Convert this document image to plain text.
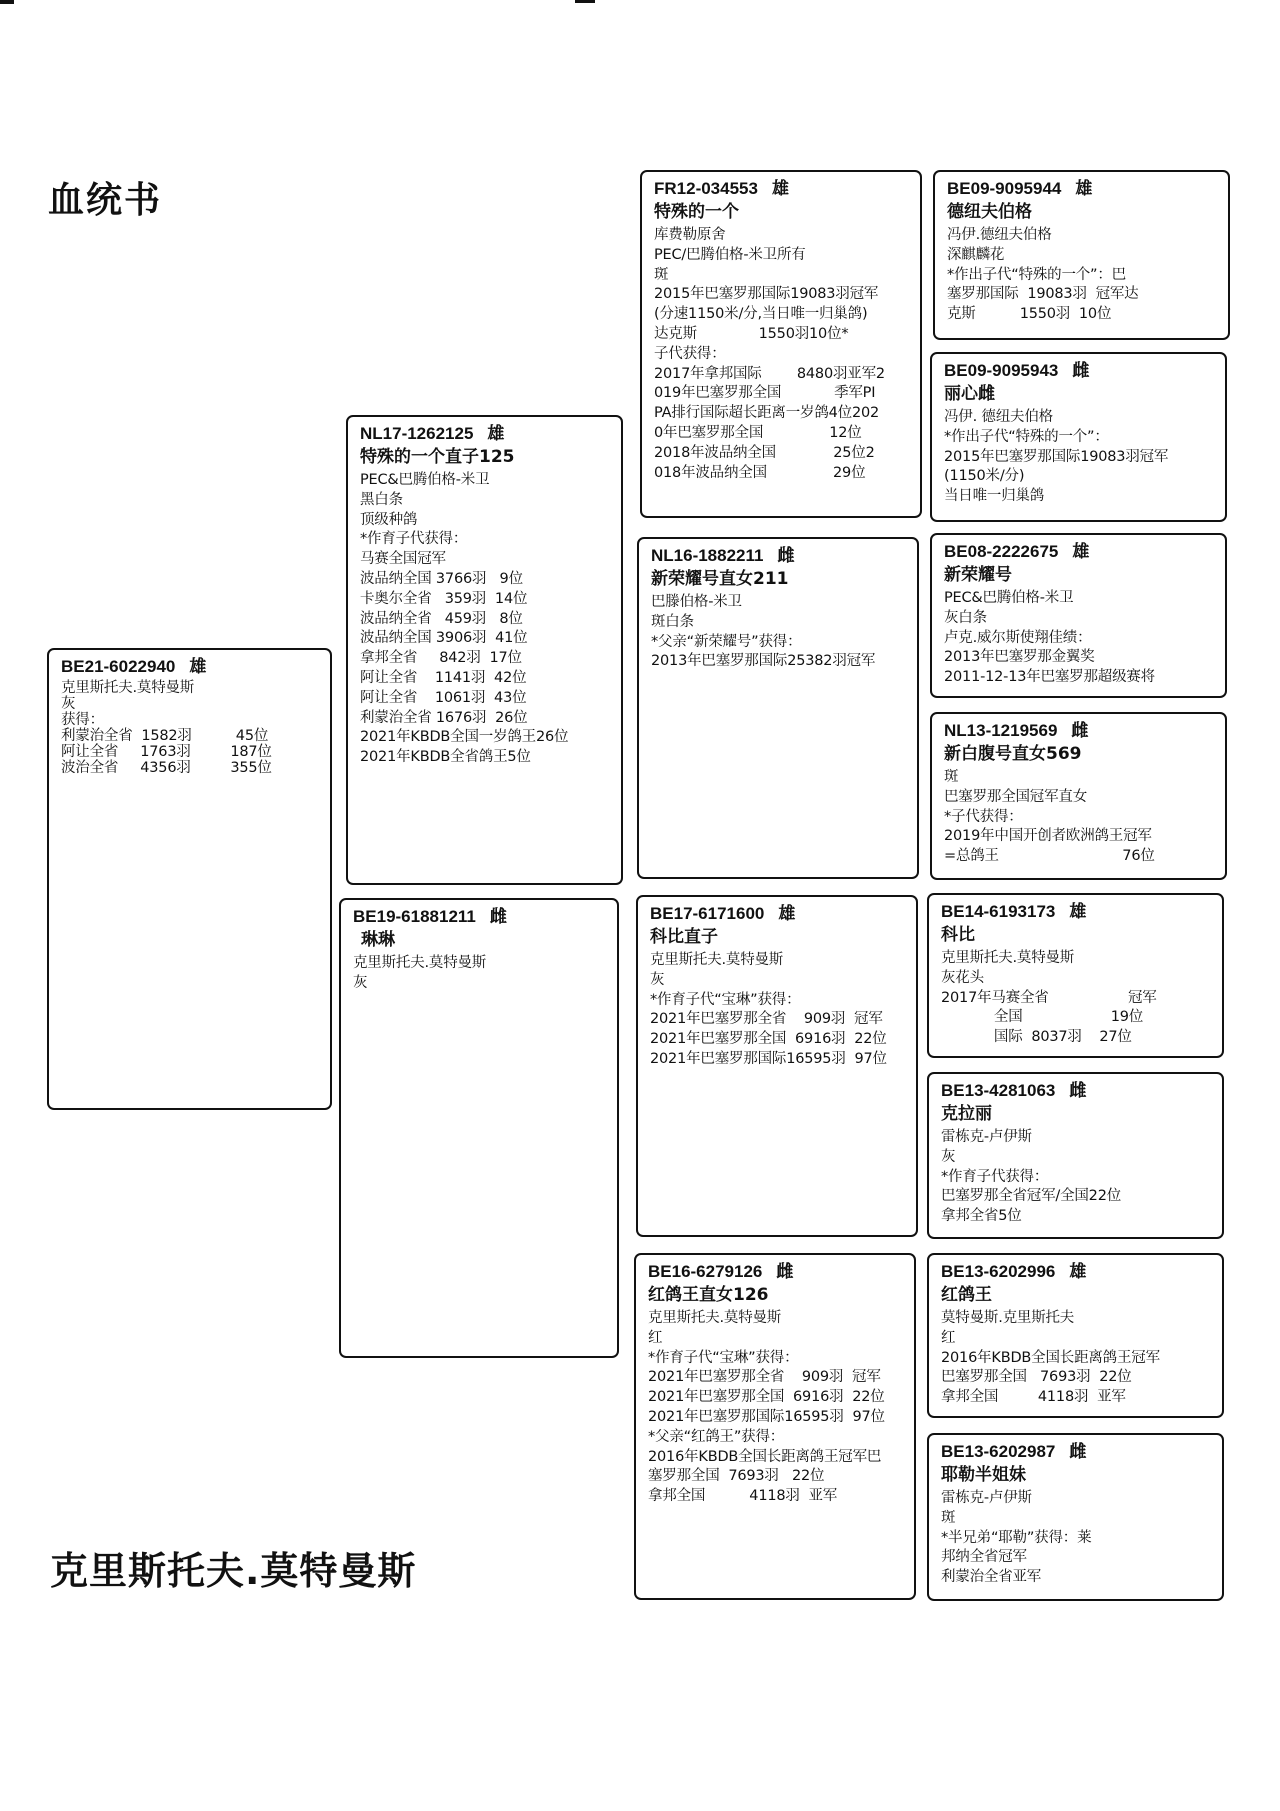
血统书
克里斯托夫.莫特曼斯
BE21-6022940 雄
克里斯托夫.莫特曼斯
灰
获得：
利蒙治全省  1582羽          45位
阿让全省     1763羽         187位
波治全省     4356羽         355位
NL17-1262125 雄
特殊的一个直子125
PEC&巴腾伯格-米卫
黑白条
顶级种鸽
*作育子代获得：
马赛全国冠军
波品纳全国 3766羽   9位
卡奥尔全省   359羽  14位
波品纳全省   459羽   8位
波品纳全国 3906羽  41位
拿邦全省     842羽  17位
阿让全省    1141羽  42位
阿让全省    1061羽  43位
利蒙治全省 1676羽  26位
2021年KBDB全国一岁鸽王26位
2021年KBDB全省鸽王5位
BE19-61881211 雌
琳琳
克里斯托夫.莫特曼斯
灰
FR12-034553 雄
特殊的一个
库费勒原舍
PEC/巴腾伯格-米卫所有
斑
2015年巴塞罗那国际19083羽冠军
(分速1150米/分,当日唯一归巢鸽)
达克斯              1550羽10位*
子代获得：
2017年拿邦国际        8480羽亚军2
019年巴塞罗那全国            季军PI
PA排行国际超长距离一岁鸽4位202
0年巴塞罗那全国               12位
2018年波品纳全国             25位2
018年波品纳全国               29位
NL16-1882211 雌
新荣耀号直女211
巴滕伯格-米卫
斑白条
*父亲“新荣耀号”获得：
2013年巴塞罗那国际25382羽冠军
BE17-6171600 雄
科比直子
克里斯托夫.莫特曼斯
灰
*作育子代“宝琳”获得：
2021年巴塞罗那全省    909羽  冠军
2021年巴塞罗那全国  6916羽  22位
2021年巴塞罗那国际16595羽  97位
BE16-6279126 雌
红鸽王直女126
克里斯托夫.莫特曼斯
红
*作育子代“宝琳”获得：
2021年巴塞罗那全省    909羽  冠军
2021年巴塞罗那全国  6916羽  22位
2021年巴塞罗那国际16595羽  97位
*父亲“红鸽王”获得：
2016年KBDB全国长距离鸽王冠军巴
塞罗那全国  7693羽   22位
拿邦全国          4118羽  亚军
BE09-9095944 雄
德纽夫伯格
冯伊.德纽夫伯格
深麒麟花
*作出子代“特殊的一个”：巴
塞罗那国际  19083羽  冠军达
克斯          1550羽  10位
BE09-9095943 雌
丽心雌
冯伊. 德纽夫伯格
*作出子代“特殊的一个”：
2015年巴塞罗那国际19083羽冠军
(1150米/分)
当日唯一归巢鸽
BE08-2222675 雄
新荣耀号
PEC&巴腾伯格-米卫
灰白条
卢克.威尔斯使翔佳绩：
2013年巴塞罗那金翼奖
2011-12-13年巴塞罗那超级赛将
NL13-1219569 雌
新白腹号直女569
斑
巴塞罗那全国冠军直女
*子代获得：
2019年中国开创者欧洲鸽王冠军
=总鸽王                            76位
BE14-6193173 雄
科比
克里斯托夫.莫特曼斯
灰花头
2017年马赛全省                  冠军
全国                    19位
国际  8037羽    27位
BE13-4281063 雌
克拉丽
雷栋克-卢伊斯
灰
*作育子代获得：
巴塞罗那全省冠军/全国22位
拿邦全省5位
BE13-6202996 雄
红鸽王
莫特曼斯.克里斯托夫
红
2016年KBDB全国长距离鸽王冠军
巴塞罗那全国   7693羽  22位
拿邦全国         4118羽  亚军
BE13-6202987 雌
耶勒半姐妹
雷栋克-卢伊斯
斑
*半兄弟“耶勒”获得：莱
邦纳全省冠军
利蒙治全省亚军
